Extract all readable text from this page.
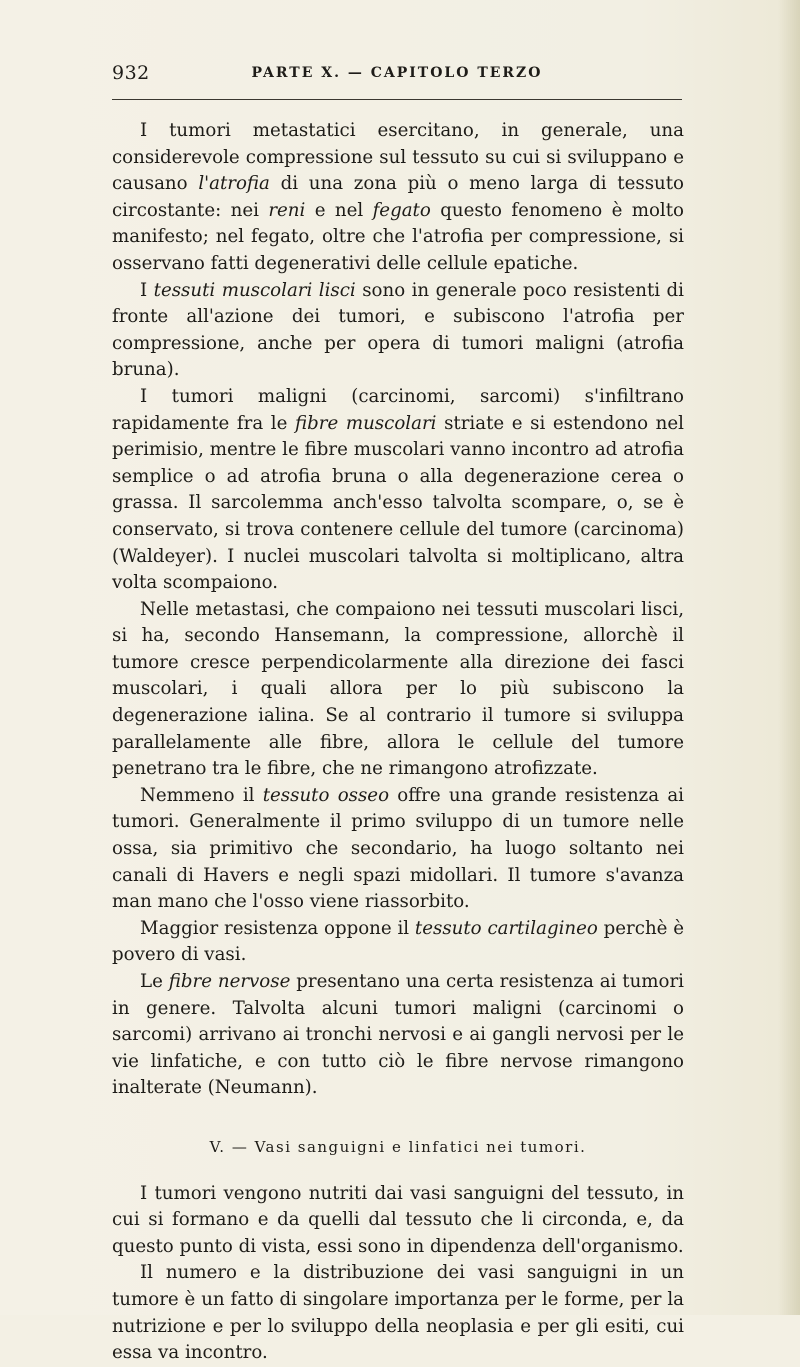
932	PARTE X. — CAPITOLO TERZO

I tumori metastatici esercitano, in generale, una considerevole compressione sul tessuto su cui si sviluppano e causano l'atrofia di una zona più o meno larga di tessuto circostante: nei reni e nel fegato questo fenomeno è molto manifesto; nel fegato, oltre che l'atrofia per compressione, si osservano fatti degenerativi delle cellule epatiche.

I tessuti muscolari lisci sono in generale poco resistenti di fronte all'azione dei tumori, e subiscono l'atrofia per compressione, anche per opera di tumori maligni (atrofia bruna).

I tumori maligni (carcinomi, sarcomi) s'infiltrano rapidamente fra le fibre muscolari striate e si estendono nel perimisio, mentre le fibre muscolari vanno incontro ad atrofia semplice o ad atrofia bruna o alla degenerazione cerea o grassa. Il sarcolemma anch'esso talvolta scompare, o, se è conservato, si trova contenere cellule del tumore (carcinoma) (Waldeyer). I nuclei muscolari talvolta si moltiplicano, altra volta scompaiono.

Nelle metastasi, che compaiono nei tessuti muscolari lisci, si ha, secondo Hansemann, la compressione, allorchè il tumore cresce perpendicolarmente alla direzione dei fasci muscolari, i quali allora per lo più subiscono la degenerazione ialina. Se al contrario il tumore si sviluppa parallelamente alle fibre, allora le cellule del tumore penetrano tra le fibre, che ne rimangono atrofizzate.

Nemmeno il tessuto osseo offre una grande resistenza ai tumori. Generalmente il primo sviluppo di un tumore nelle ossa, sia primitivo che secondario, ha luogo soltanto nei canali di Havers e negli spazi midollari. Il tumore s'avanza man mano che l'osso viene riassorbito.

Maggior resistenza oppone il tessuto cartilagineo perchè è povero di vasi.

Le fibre nervose presentano una certa resistenza ai tumori in genere. Talvolta alcuni tumori maligni (carcinomi o sarcomi) arrivano ai tronchi nervosi e ai gangli nervosi per le vie linfatiche, e con tutto ciò le fibre nervose rimangono inalterate (Neumann).

V. — Vasi sanguigni e linfatici nei tumori.

I tumori vengono nutriti dai vasi sanguigni del tessuto, in cui si formano e da quelli dal tessuto che li circonda, e, da questo punto di vista, essi sono in dipendenza dell'organismo.

Il numero e la distribuzione dei vasi sanguigni in un tumore è un fatto di singolare importanza per le forme, per la nutrizione e per lo sviluppo della neoplasia e per gli esiti, cui essa va incontro.
